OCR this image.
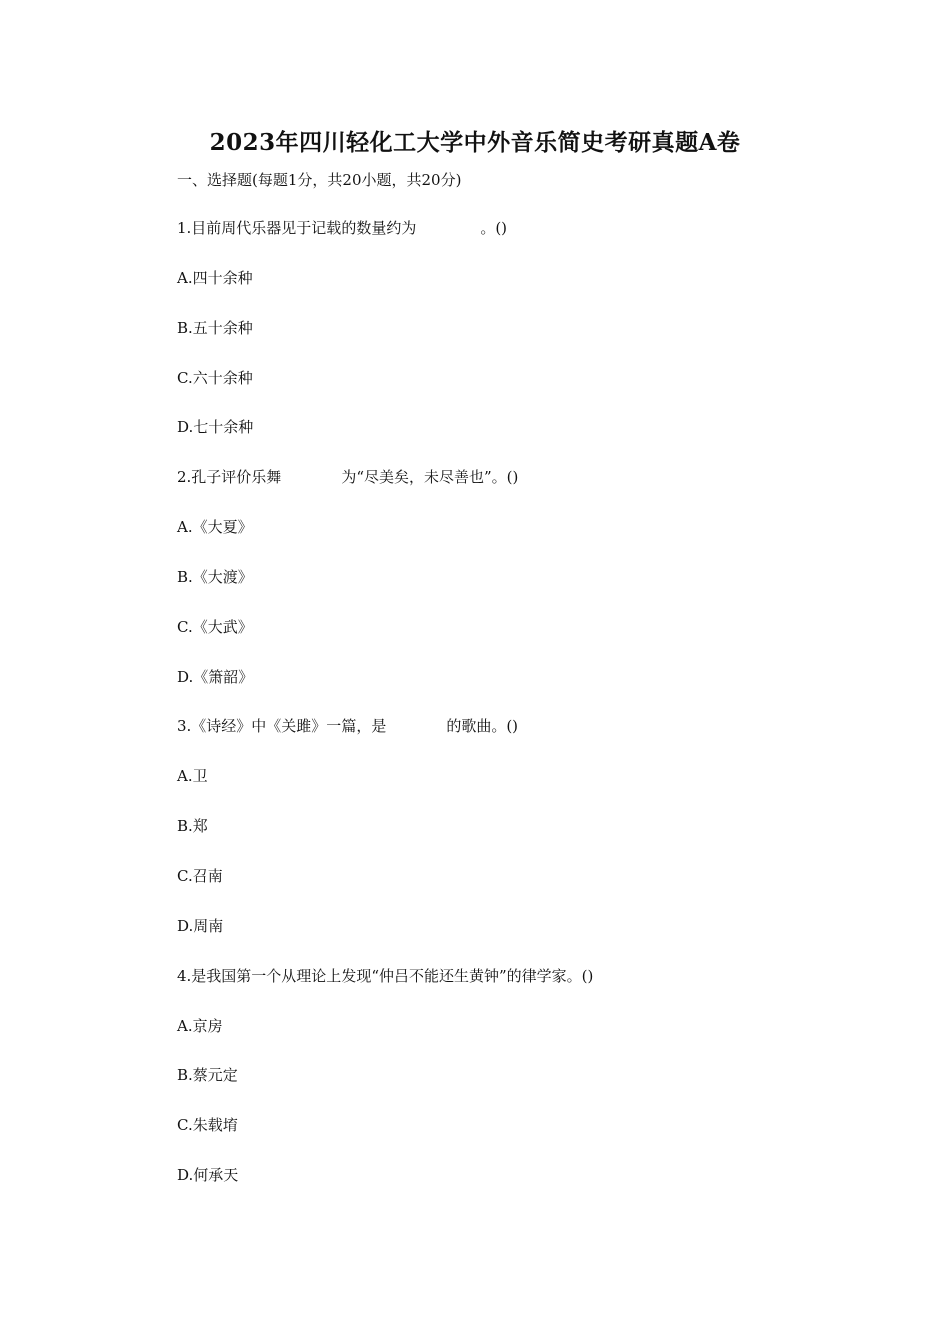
2023年四川轻化工大学中外音乐简史考研真题A卷
一、选择题(每题1分，共20小题，共20分)
1.目前周代乐器见于记载的数量约为	。()
A.四十余种
B.五十余种
C.六十余种
D.七十余种
2.孔子评价乐舞	为“尽美矣，未尽善也”。()
A.《大夏》
B.《大渡》
C.《大武》
D.《箫韶》
3.《诗经》中《关雎》一篇，是	的歌曲。()
A.卫
B.郑
C.召南
D.周南
4.是我国第一个从理论上发现“仲吕不能还生黄钟”的律学家。()
A.京房
B.蔡元定
C.朱载堉
D.何承天
